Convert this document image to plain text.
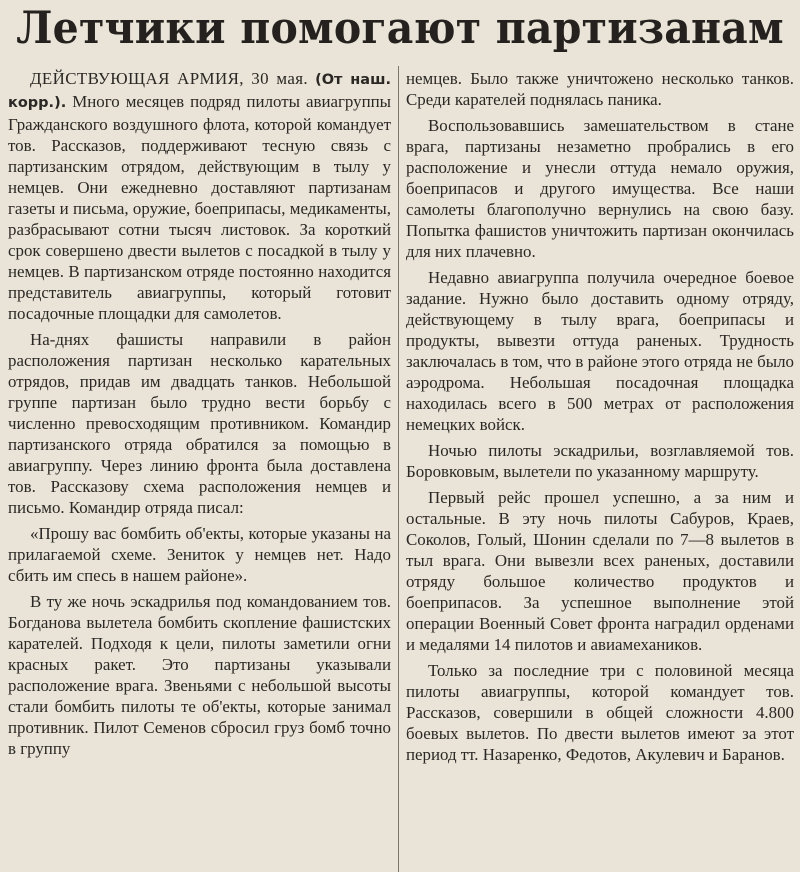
Летчики помогают партизанам

ДЕЙСТВУЮЩАЯ АРМИЯ, 30 мая. (От наш. корр.). Много месяцев подряд пилоты авиагруппы Гражданского воздушного флота, которой командует тов. Рассказов, поддерживают тесную связь с партизанским отрядом, действующим в тылу у немцев. Они ежедневно доставляют партизанам газеты и письма, оружие, боеприпасы, медикаменты, разбрасывают сотни тысяч листовок. За короткий срок совершено двести вылетов с посадкой в тылу у немцев. В партизанском отряде постоянно находится представитель авиагруппы, который готовит посадочные площадки для самолетов.

На-днях фашисты направили в район расположения партизан несколько карательных отрядов, придав им двадцать танков. Небольшой группе партизан было трудно вести борьбу с численно превосходящим противником. Командир партизанского отряда обратился за помощью в авиагруппу. Через линию фронта была доставлена тов. Рассказову схема расположения немцев и письмо. Командир отряда писал:

«Прошу вас бомбить об'екты, которые указаны на прилагаемой схеме. Зениток у немцев нет. Надо сбить им спесь в нашем районе».

В ту же ночь эскадрилья под командованием тов. Богданова вылетела бомбить скопление фашистских карателей. Подходя к цели, пилоты заметили огни красных ракет. Это партизаны указывали расположение врага. Звеньями с небольшой высоты стали бомбить пилоты те об'екты, которые занимал противник. Пилот Семенов сбросил груз бомб точно в группу

немцев. Было также уничтожено несколько танков. Среди карателей поднялась паника.

Воспользовавшись замешательством в стане врага, партизаны незаметно пробрались в его расположение и унесли оттуда немало оружия, боеприпасов и другого имущества. Все наши самолеты благополучно вернулись на свою базу. Попытка фашистов уничтожить партизан окончилась для них плачевно.

Недавно авиагруппа получила очередное боевое задание. Нужно было доставить одному отряду, действующему в тылу врага, боеприпасы и продукты, вывезти оттуда раненых. Трудность заключалась в том, что в районе этого отряда не было аэродрома. Небольшая посадочная площадка находилась всего в 500 метрах от расположения немецких войск.

Ночью пилоты эскадрильи, возглавляемой тов. Боровковым, вылетели по указанному маршруту.

Первый рейс прошел успешно, а за ним и остальные. В эту ночь пилоты Сабуров, Краев, Соколов, Голый, Шонин сделали по 7—8 вылетов в тыл врага. Они вывезли всех раненых, доставили отряду большое количество продуктов и боеприпасов. За успешное выполнение этой операции Военный Совет фронта наградил орденами и медалями 14 пилотов и авиамехаников.

Только за последние три с половиной месяца пилоты авиагруппы, которой командует тов. Рассказов, совершили в общей сложности 4.800 боевых вылетов. По двести вылетов имеют за этот период тт. Назаренко, Федотов, Акулевич и Баранов.
